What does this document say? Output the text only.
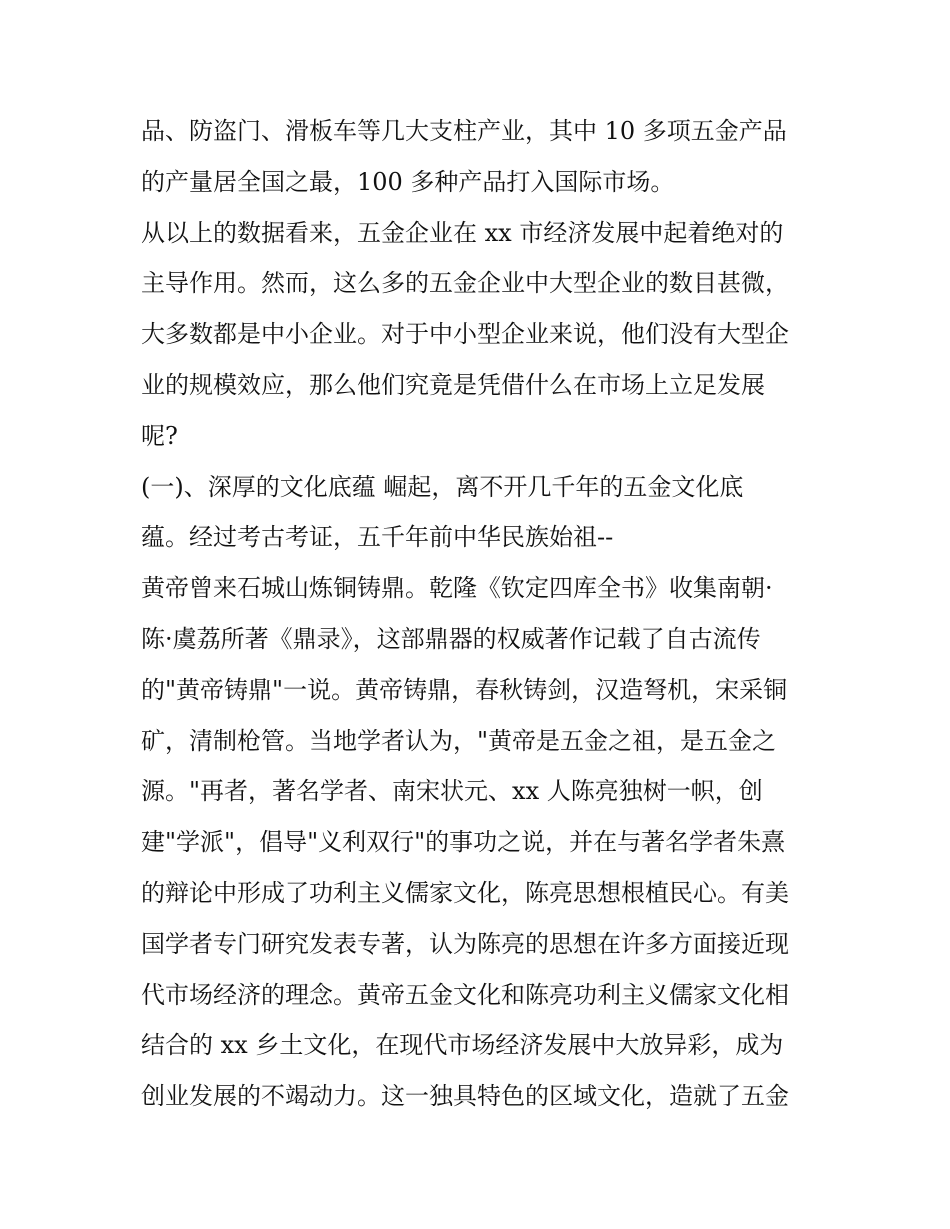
品、防盗门、滑板车等几大支柱产业，其中 10 多项五金产品
的产量居全国之最，100 多种产品打入国际市场。
从以上的数据看来，五金企业在 xx 市经济发展中起着绝对的
主导作用。然而，这么多的五金企业中大型企业的数目甚微，
大多数都是中小企业。对于中小型企业来说，他们没有大型企
业的规模效应，那么他们究竟是凭借什么在市场上立足发展
呢?
(一)、深厚的文化底蕴 崛起，离不开几千年的五金文化底
蕴。经过考古考证，五千年前中华民族始祖--
黄帝曾来石城山炼铜铸鼎。乾隆《钦定四库全书》收集南朝·
陈·虞荔所著《鼎录》，这部鼎器的权威著作记载了自古流传
的"黄帝铸鼎"一说。黄帝铸鼎，春秋铸剑，汉造弩机，宋采铜
矿，清制枪管。当地学者认为，"黄帝是五金之祖，是五金之
源。"再者，著名学者、南宋状元、xx 人陈亮独树一帜，创
建"学派"，倡导"义利双行"的事功之说，并在与著名学者朱熹
的辩论中形成了功利主义儒家文化，陈亮思想根植民心。有美
国学者专门研究发表专著，认为陈亮的思想在许多方面接近现
代市场经济的理念。黄帝五金文化和陈亮功利主义儒家文化相
结合的 xx 乡土文化，在现代市场经济发展中大放异彩，成为
创业发展的不竭动力。这一独具特色的区域文化，造就了五金
